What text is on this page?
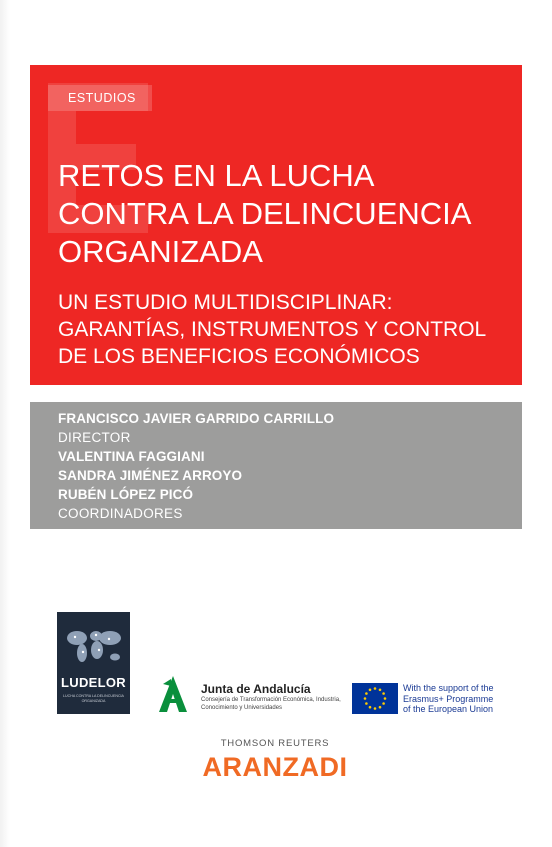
ESTUDIOS
RETOS EN LA LUCHA
CONTRA LA DELINCUENCIA
ORGANIZADA
UN ESTUDIO MULTIDISCIPLINAR:
GARANTÍAS, INSTRUMENTOS Y CONTROL
DE LOS BENEFICIOS ECONÓMICOS
FRANCISCO JAVIER GARRIDO CARRILLO
DIRECTOR
VALENTINA FAGGIANI
SANDRA JIMÉNEZ ARROYO
RUBÉN LÓPEZ PICÓ
COORDINADORES
LUDELOR
LUCHA CONTRA LA DELINCUENCIA ORGANIZADA
Junta de Andalucía
Consejería de Transformación Económica, Industria, Conocimiento y Universidades
With the support of the
Erasmus+ Programme
of the European Union
THOMSON REUTERS
ARANZADI
